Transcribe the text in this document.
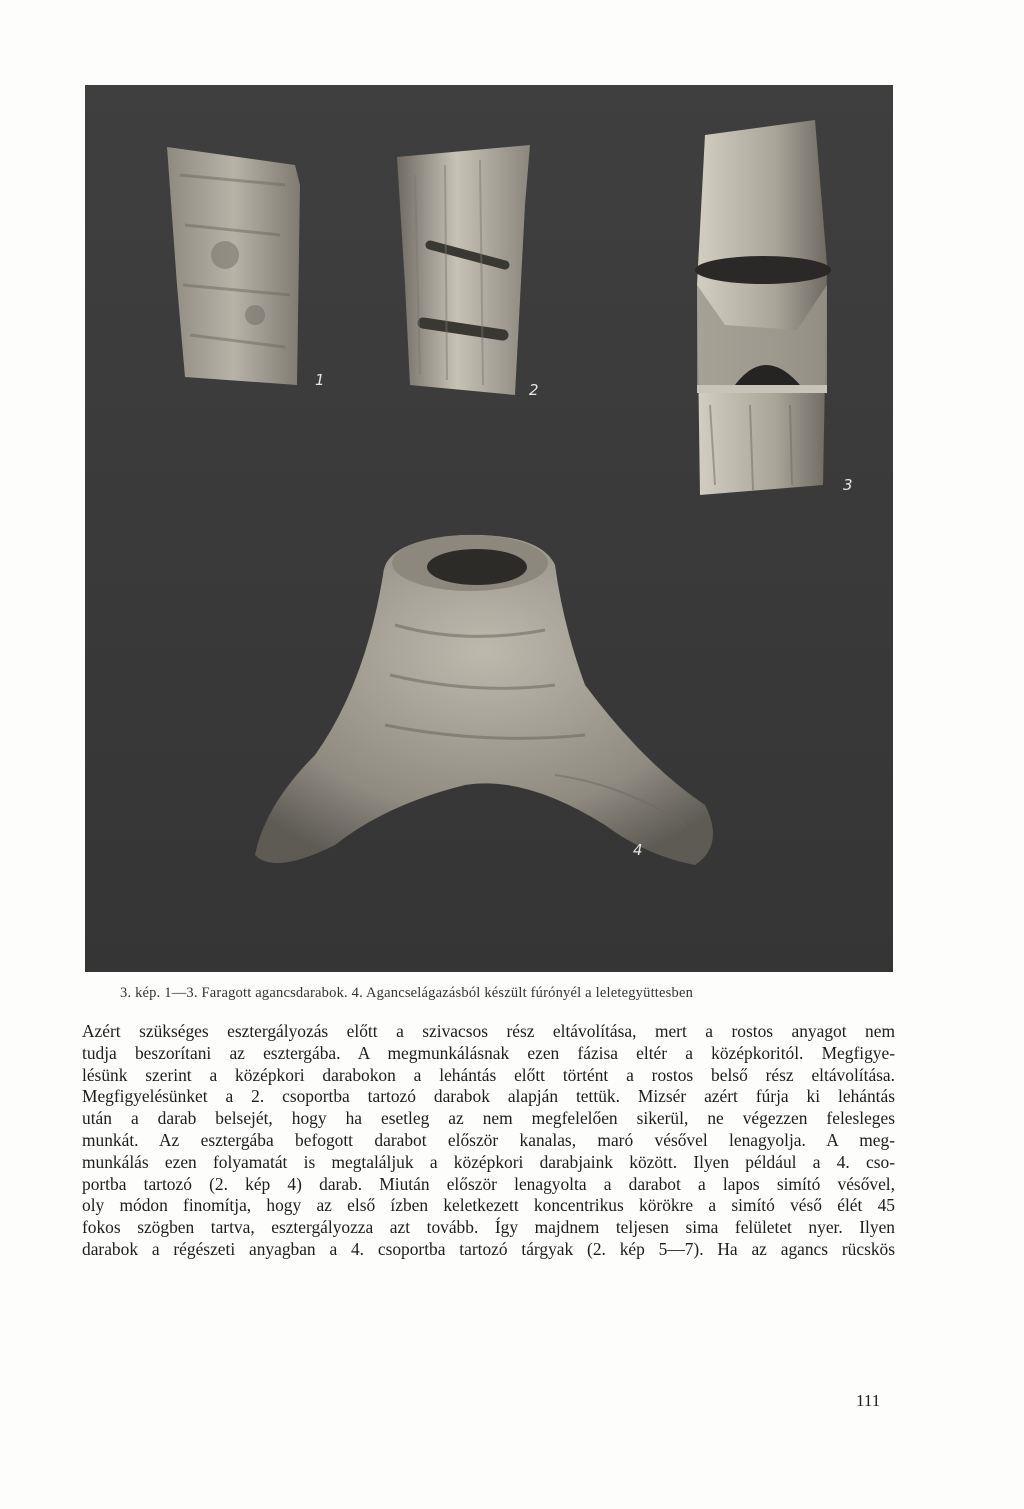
1
2
3
4
3. kép. 1—3. Faragott agancsdarabok. 4. Agancselágazásból készült fúrónyél a leletegyüttesben
Azért szükséges esztergályozás előtt a szivacsos rész eltávolítása, mert a rostos anyagot nem
tudja beszorítani az esztergába. A megmunkálásnak ezen fázisa eltér a középkoritól. Megfigye-
lésünk szerint a középkori darabokon a lehántás előtt történt a rostos belső rész eltávolítása.
Megfigyelésünket a 2. csoportba tartozó darabok alapján tettük. Mizsér azért fúrja ki lehántás
után a darab belsejét, hogy ha esetleg az nem megfelelően sikerül, ne végezzen felesleges
munkát. Az esztergába befogott darabot először kanalas, maró vésővel lenagyolja. A meg-
munkálás ezen folyamatát is megtaláljuk a középkori darabjaink között. Ilyen például a 4. cso-
portba tartozó (2. kép 4) darab. Miután először lenagyolta a darabot a lapos simító vésővel,
oly módon finomítja, hogy az első ízben keletkezett koncentrikus körökre a simító véső élét 45
fokos szögben tartva, esztergályozza azt tovább. Így majdnem teljesen sima felületet nyer. Ilyen
darabok a régészeti anyagban a 4. csoportba tartozó tárgyak (2. kép 5—7). Ha az agancs rücskös
111
